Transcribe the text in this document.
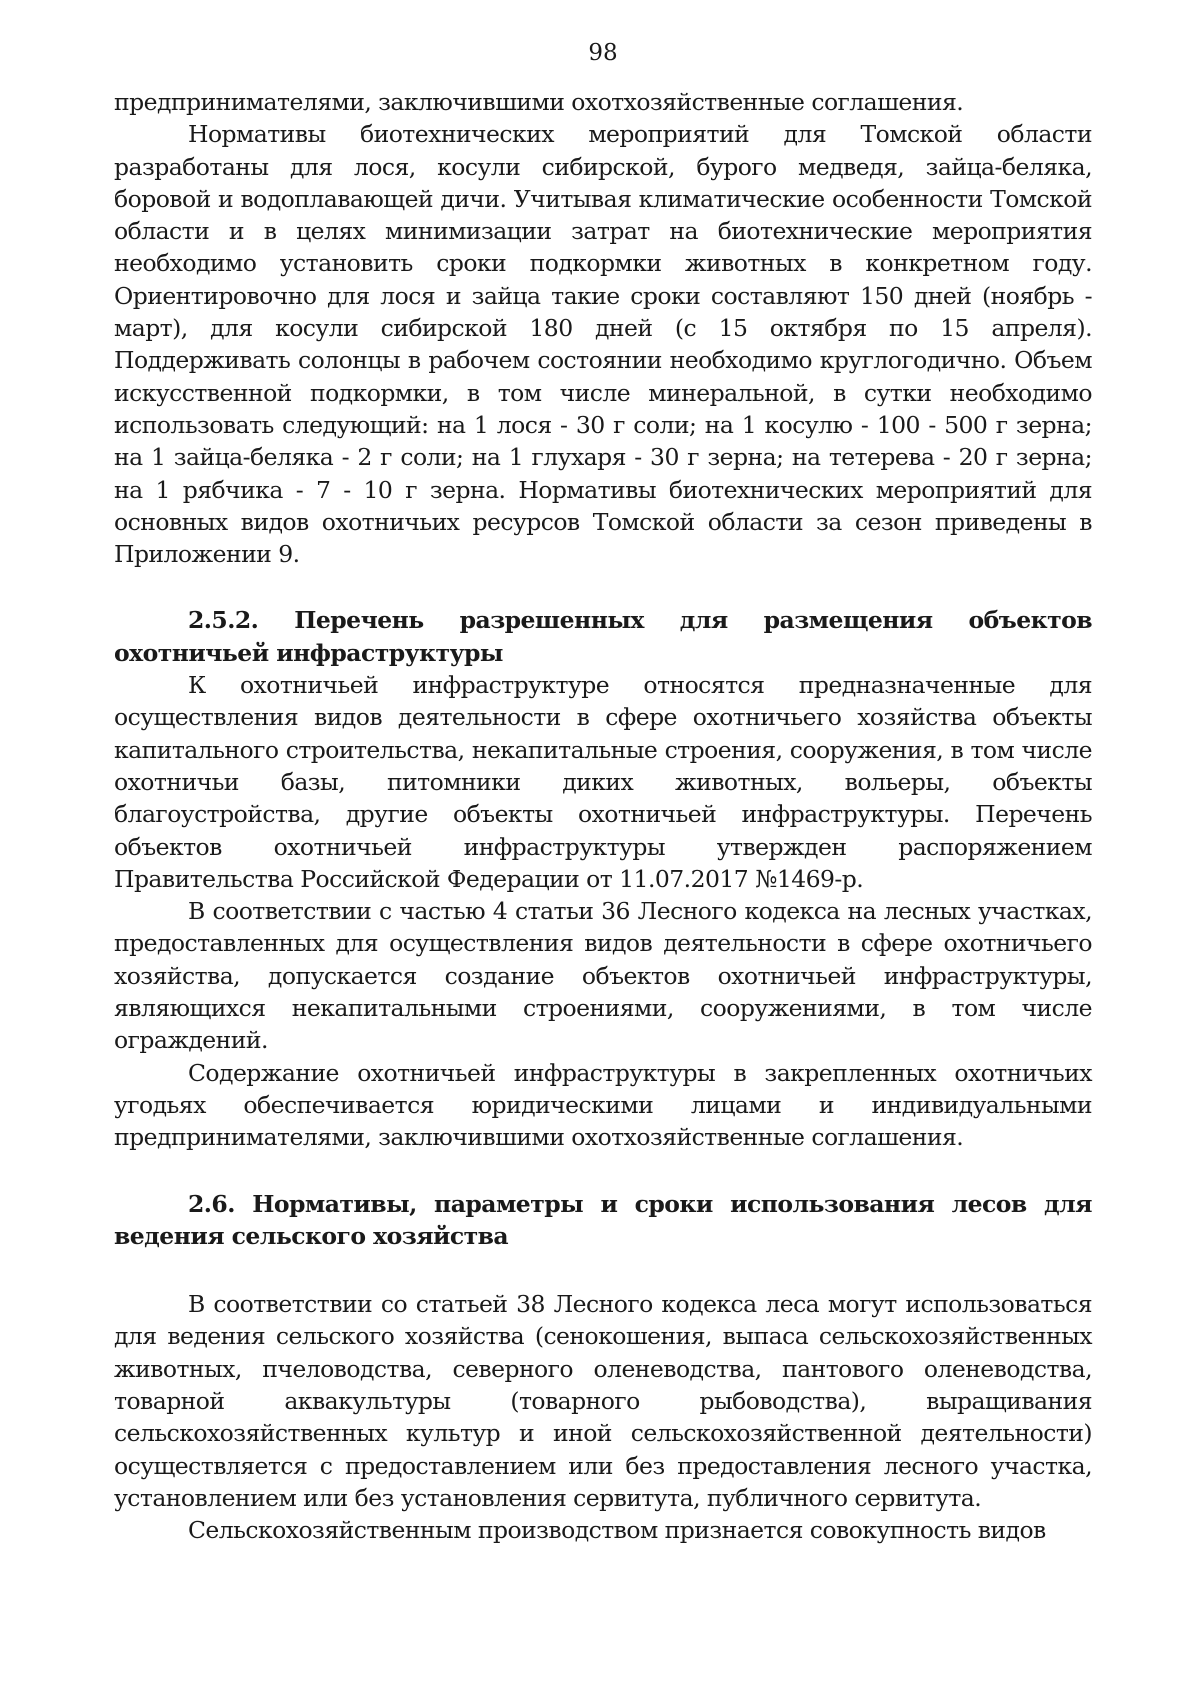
98

предпринимателями, заключившими охотхозяйственные соглашения.

Нормативы биотехнических мероприятий для Томской области разработаны для лося, косули сибирской, бурого медведя, зайца-беляка, боровой и водоплавающей дичи. Учитывая климатические особенности Томской области и в целях минимизации затрат на биотехнические мероприятия необходимо установить сроки подкормки животных в конкретном году. Ориентировочно для лося и зайца такие сроки составляют 150 дней (ноябрь - март), для косули сибирской 180 дней (с 15 октября по 15 апреля). Поддерживать солонцы в рабочем состоянии необходимо круглогодично. Объем искусственной подкормки, в том числе минеральной, в сутки необходимо использовать следующий: на 1 лося - 30 г соли; на 1 косулю - 100 - 500 г зерна; на 1 зайца-беляка - 2 г соли; на 1 глухаря - 30 г зерна; на тетерева - 20 г зерна; на 1 рябчика - 7 - 10 г зерна. Нормативы биотехнических мероприятий для основных видов охотничьих ресурсов Томской области за сезон приведены в Приложении 9.

2.5.2. Перечень разрешенных для размещения объектов охотничьей инфраструктуры

К охотничьей инфраструктуре относятся предназначенные для осуществления видов деятельности в сфере охотничьего хозяйства объекты капитального строительства, некапитальные строения, сооружения, в том числе охотничьи базы, питомники диких животных, вольеры, объекты благоустройства, другие объекты охотничьей инфраструктуры. Перечень объектов охотничьей инфраструктуры утвержден распоряжением Правительства Российской Федерации от 11.07.2017 №1469-р.

В соответствии с частью 4 статьи 36 Лесного кодекса на лесных участках, предоставленных для осуществления видов деятельности в сфере охотничьего хозяйства, допускается создание объектов охотничьей инфраструктуры, являющихся некапитальными строениями, сооружениями, в том числе ограждений.

Содержание охотничьей инфраструктуры в закрепленных охотничьих угодьях обеспечивается юридическими лицами и индивидуальными предпринимателями, заключившими охотхозяйственные соглашения.

2.6. Нормативы, параметры и сроки использования лесов для ведения сельского хозяйства

В соответствии со статьей 38 Лесного кодекса леса могут использоваться для ведения сельского хозяйства (сенокошения, выпаса сельскохозяйственных животных, пчеловодства, северного оленеводства, пантового оленеводства, товарной аквакультуры (товарного рыбоводства), выращивания сельскохозяйственных культур и иной сельскохозяйственной деятельности) осуществляется с предоставлением или без предоставления лесного участка, установлением или без установления сервитута, публичного сервитута.

Сельскохозяйственным производством признается совокупность видов
